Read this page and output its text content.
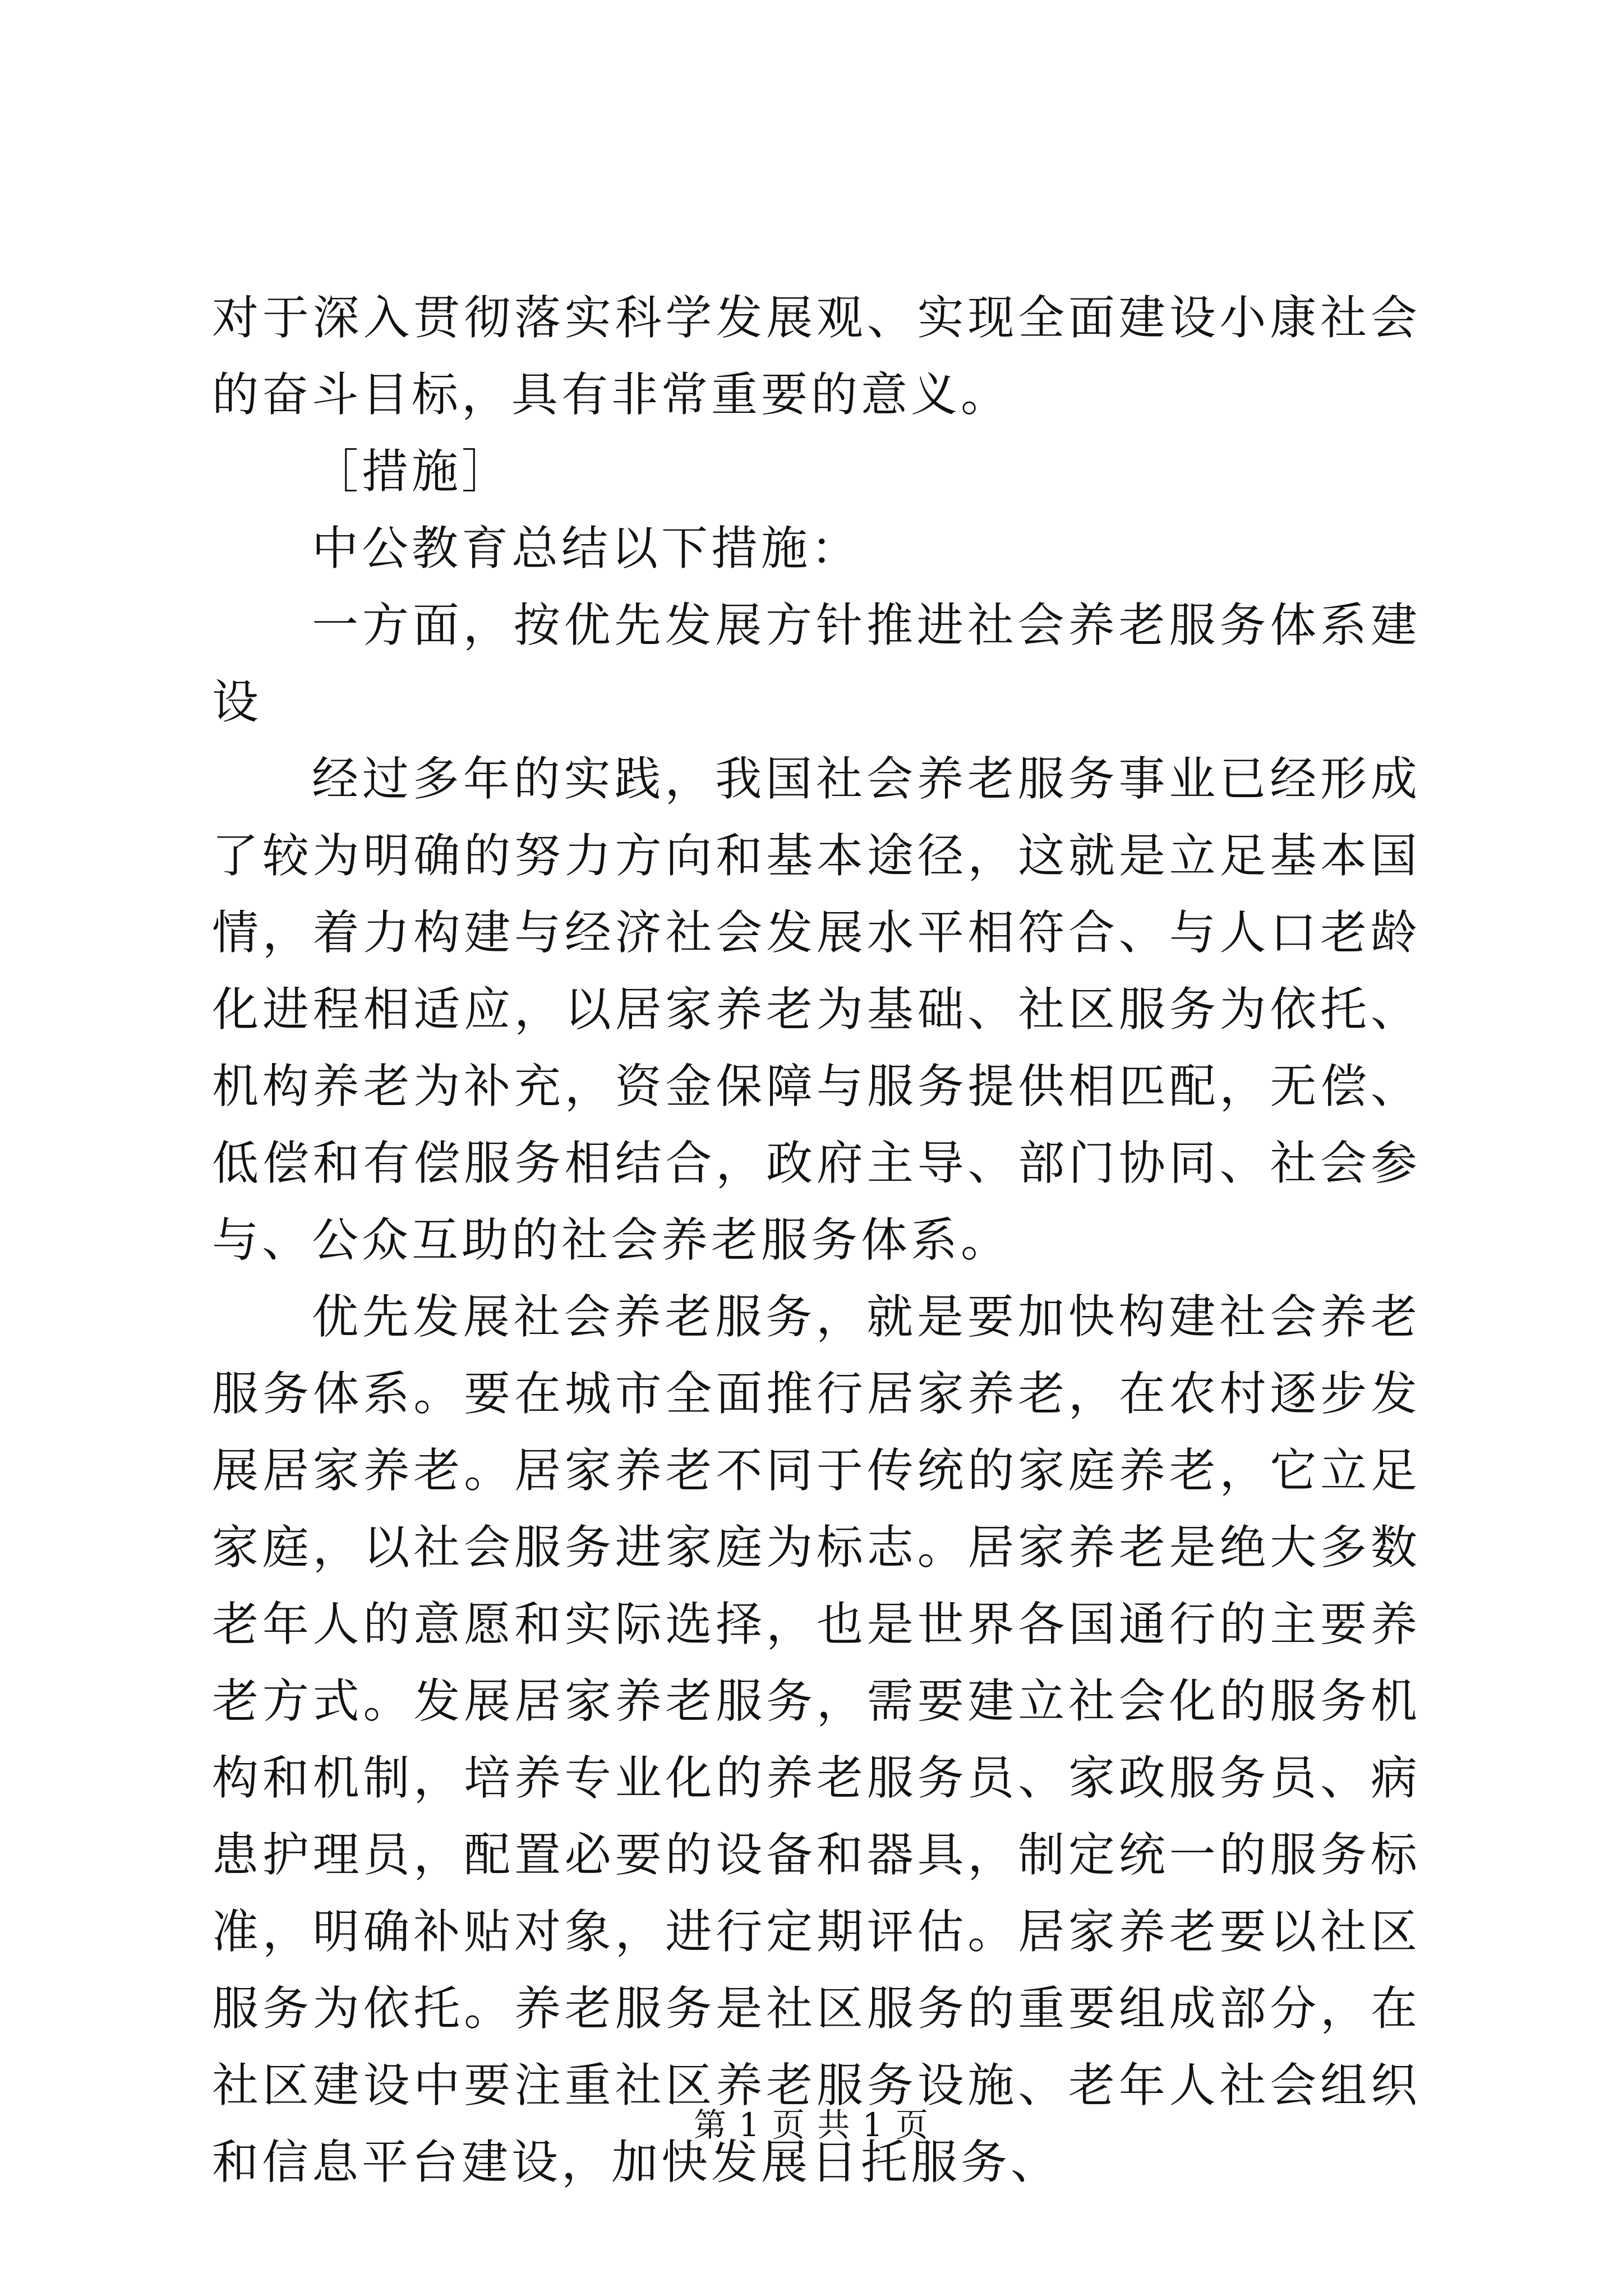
对于深入贯彻落实科学发展观、实现全面建设小康社会的奋斗目标，具有非常重要的意义。

［措施］

中公教育总结以下措施：

一方面，按优先发展方针推进社会养老服务体系建设

经过多年的实践，我国社会养老服务事业已经形成了较为明确的努力方向和基本途径，这就是立足基本国情，着力构建与经济社会发展水平相符合、与人口老龄化进程相适应，以居家养老为基础、社区服务为依托、机构养老为补充，资金保障与服务提供相匹配，无偿、低偿和有偿服务相结合，政府主导、部门协同、社会参与、公众互助的社会养老服务体系。

优先发展社会养老服务，就是要加快构建社会养老服务体系。要在城市全面推行居家养老，在农村逐步发展居家养老。居家养老不同于传统的家庭养老，它立足家庭，以社会服务进家庭为标志。居家养老是绝大多数老年人的意愿和实际选择，也是世界各国通行的主要养老方式。发展居家养老服务，需要建立社会化的服务机构和机制，培养专业化的养老服务员、家政服务员、病患护理员，配置必要的设备和器具，制定统一的服务标准，明确补贴对象，进行定期评估。居家养老要以社区服务为依托。养老服务是社区服务的重要组成部分，在社区建设中要注重社区养老服务设施、老年人社会组织和信息平台建设，加快发展日托服务、

第 1 页 共 1 页
